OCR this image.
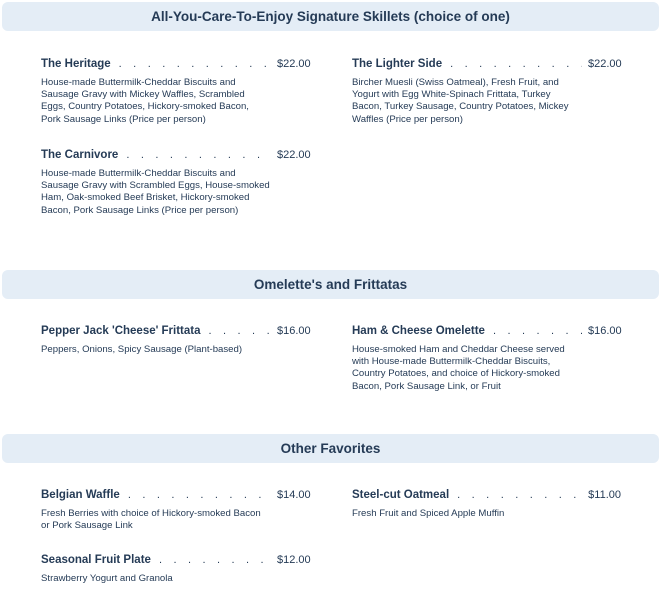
All-You-Care-To-Enjoy Signature Skillets (choice of one)
The Heritage . . .	$22.00
House-made Buttermilk-Cheddar Biscuits and Sausage Gravy with Mickey Waffles, Scrambled Eggs, Country Potatoes, Hickory-smoked Bacon, Pork Sausage Links (Price per person)
The Lighter Side . . .	$22.00
Bircher Muesli (Swiss Oatmeal), Fresh Fruit, and Yogurt with Egg White-Spinach Frittata, Turkey Bacon, Turkey Sausage, Country Potatoes, Mickey Waffles (Price per person)
The Carnivore . . .	$22.00
House-made Buttermilk-Cheddar Biscuits and Sausage Gravy with Scrambled Eggs, House-smoked Ham, Oak-smoked Beef Brisket, Hickory-smoked Bacon, Pork Sausage Links (Price per person)
Omelette's and Frittatas
Pepper Jack 'Cheese' Frittata . . .	$16.00
Peppers, Onions, Spicy Sausage (Plant-based)
Ham & Cheese Omelette . . .	$16.00
House-smoked Ham and Cheddar Cheese served with House-made Buttermilk-Cheddar Biscuits, Country Potatoes, and choice of Hickory-smoked Bacon, Pork Sausage Link, or Fruit
Other Favorites
Belgian Waffle . . .	$14.00
Fresh Berries with choice of Hickory-smoked Bacon or Pork Sausage Link
Steel-cut Oatmeal . . .	$11.00
Fresh Fruit and Spiced Apple Muffin
Seasonal Fruit Plate . . .	$12.00
Strawberry Yogurt and Granola
